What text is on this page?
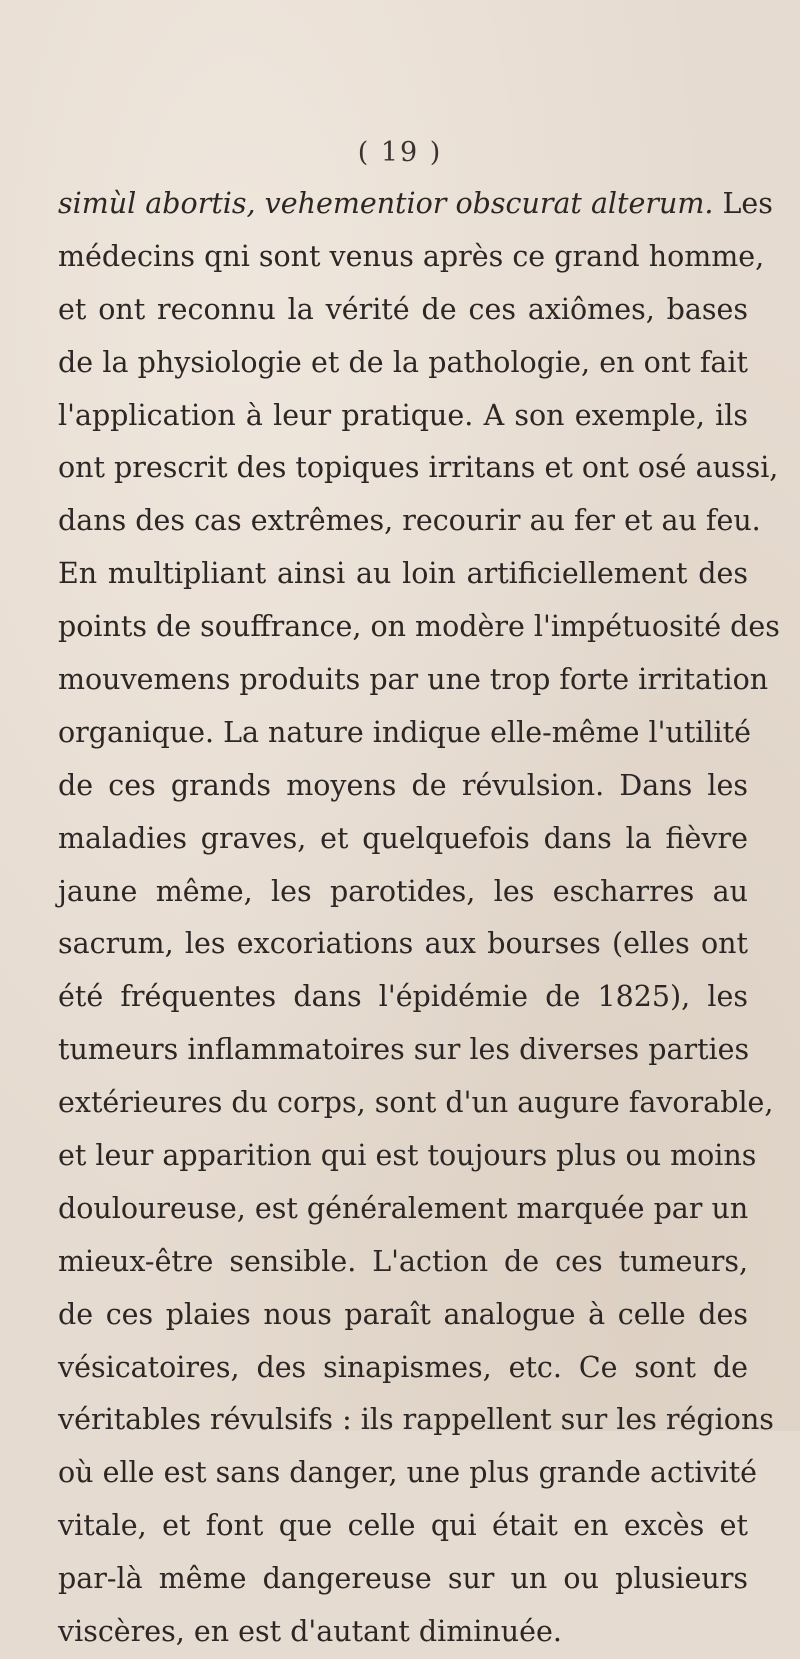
( 19 )
simùl abortis, vehementior obscurat alterum. Les
médecins qni sont venus après ce grand homme,
et ont reconnu la vérité de ces axiômes, bases
de la physiologie et de la pathologie, en ont fait
l'application à leur pratique. A son exemple, ils
ont prescrit des topiques irritans et ont osé aussi,
dans des cas extrêmes, recourir au fer et au feu.
En multipliant ainsi au loin artificiellement des
points de souffrance, on modère l'impétuosité des
mouvemens produits par une trop forte irritation
organique. La nature indique elle-même l'utilité
de ces grands moyens de révulsion. Dans les
maladies graves, et quelquefois dans la fièvre
jaune même, les parotides, les escharres au
sacrum, les excoriations aux bourses (elles ont
été fréquentes dans l'épidémie de 1825), les
tumeurs inflammatoires sur les diverses parties
extérieures du corps, sont d'un augure favorable,
et leur apparition qui est toujours plus ou moins
douloureuse, est généralement marquée par un
mieux-être sensible. L'action de ces tumeurs,
de ces plaies nous paraît analogue à celle des
vésicatoires, des sinapismes, etc. Ce sont de
véritables révulsifs : ils rappellent sur les régions
où elle est sans danger, une plus grande activité
vitale, et font que celle qui était en excès et
par-là même dangereuse sur un ou plusieurs
viscères, en est d'autant diminuée.
